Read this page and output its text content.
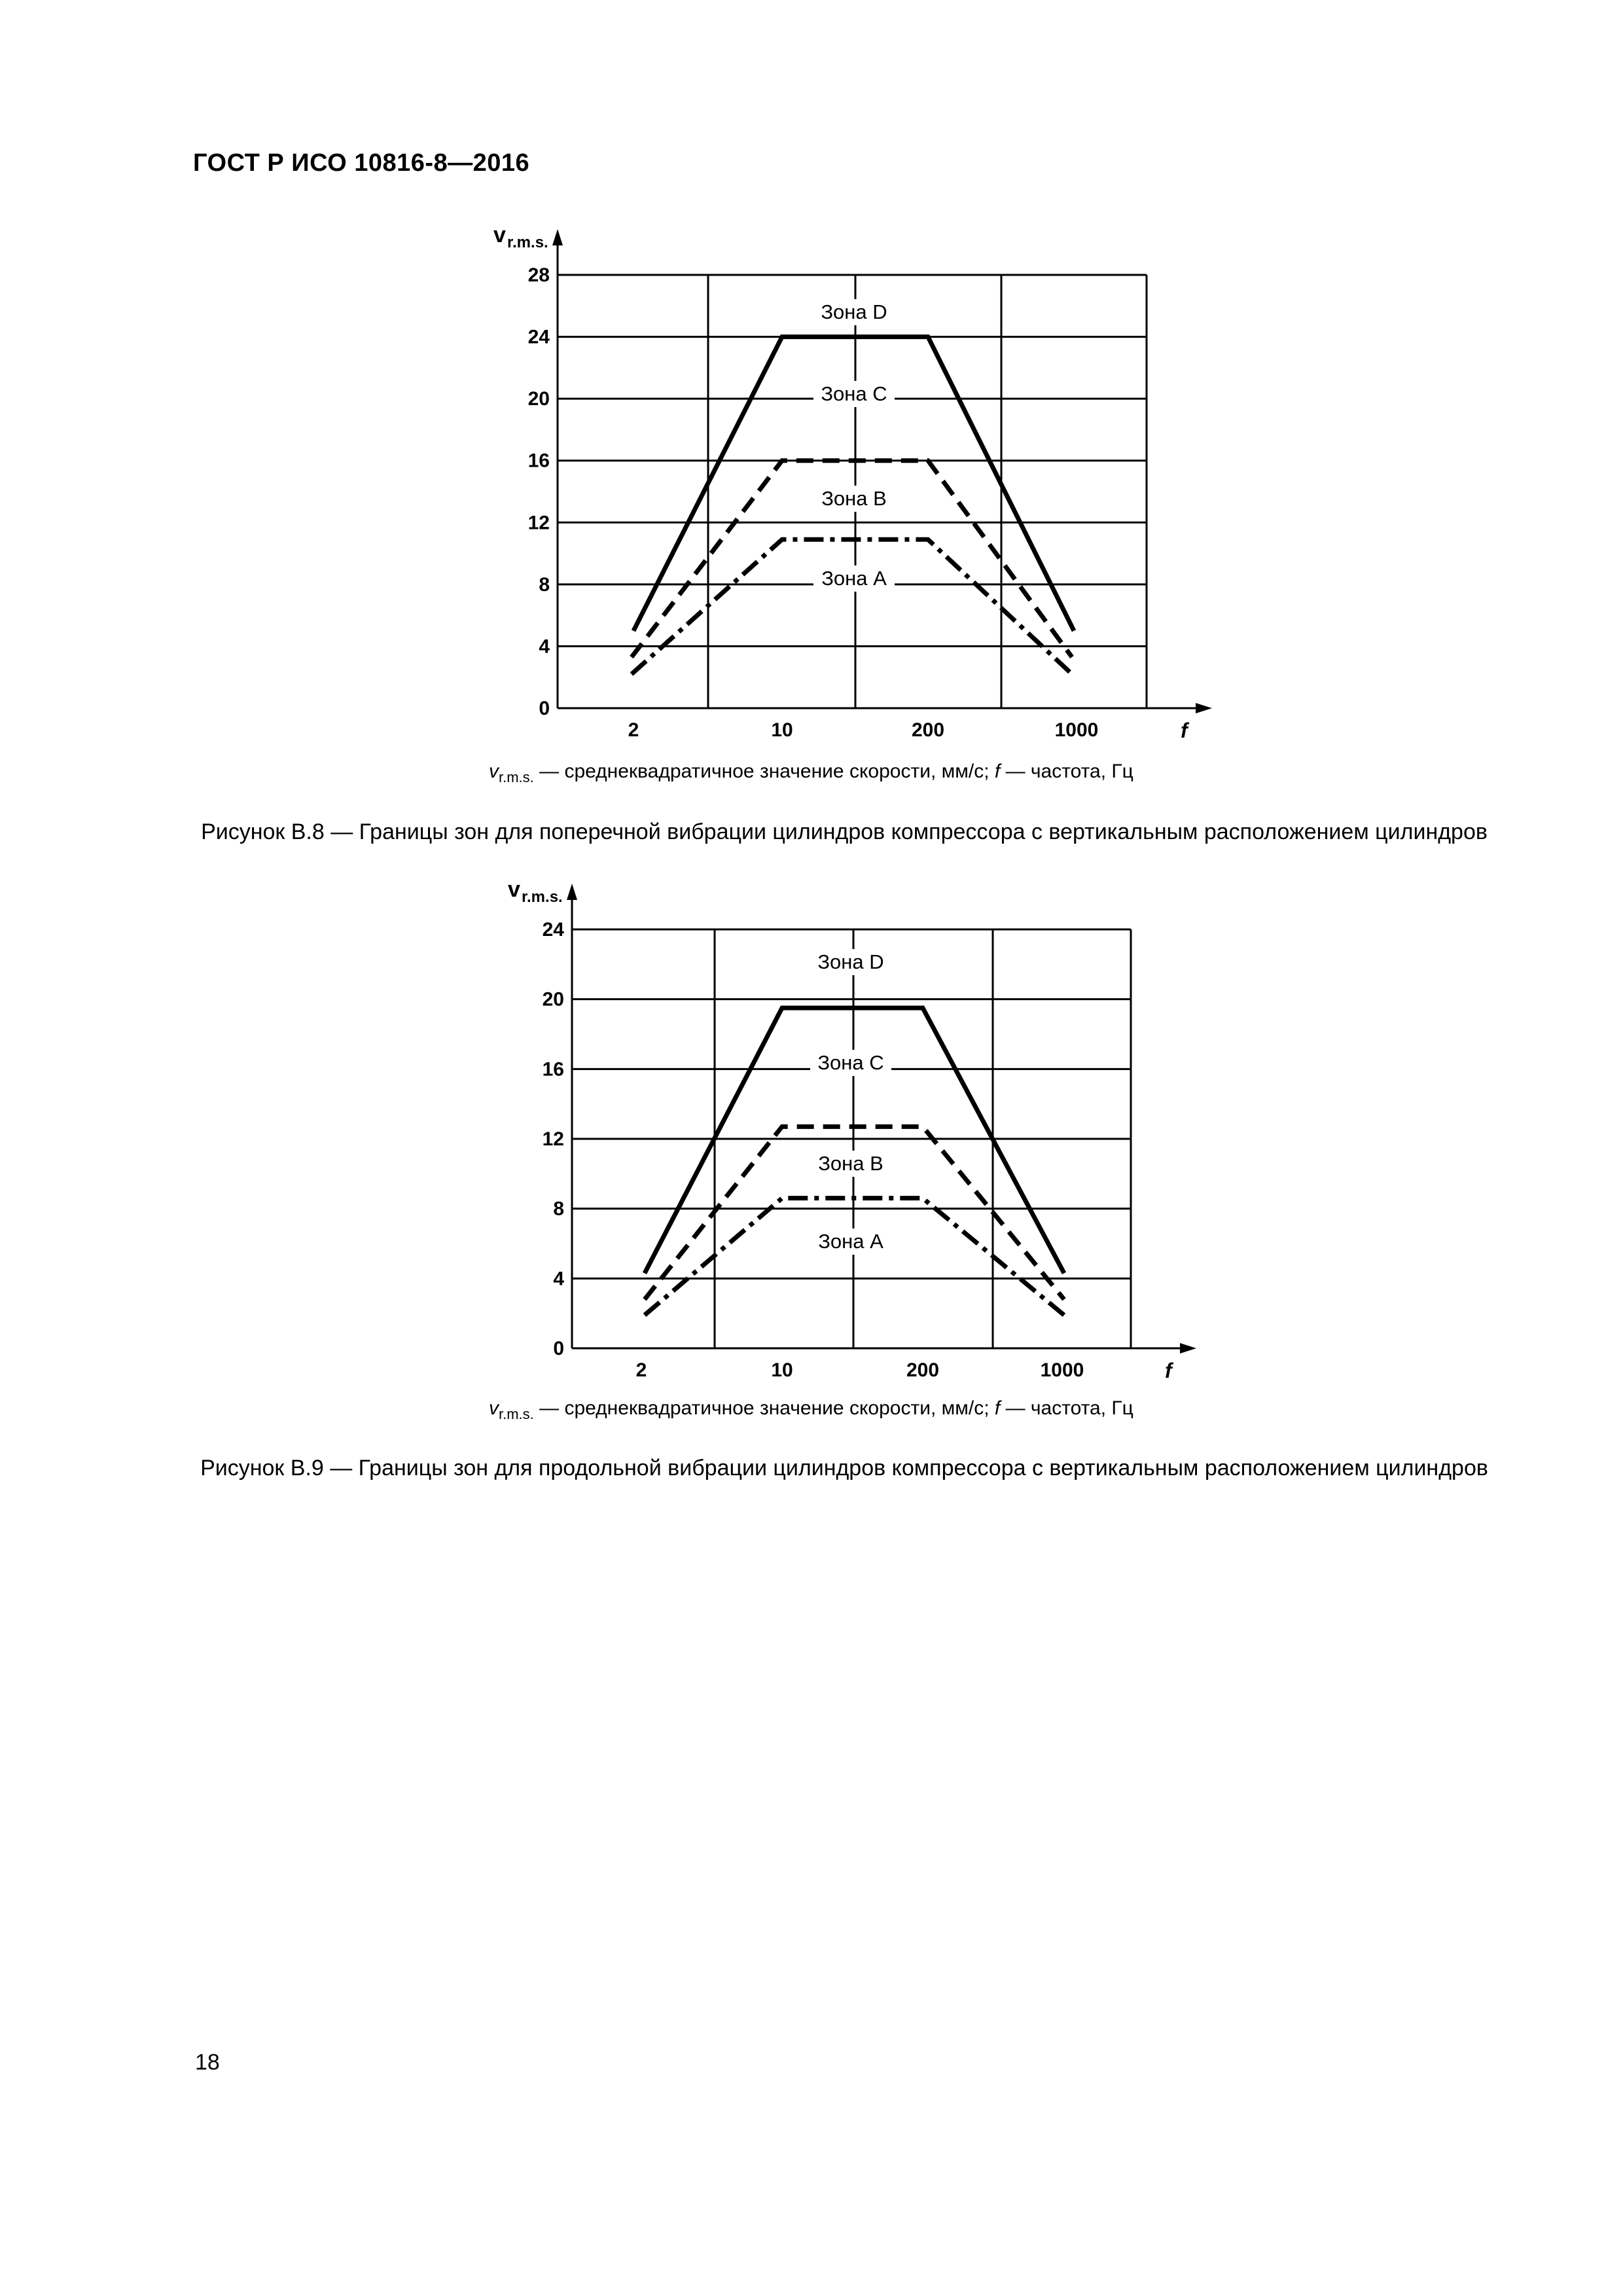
ГОСТ Р ИСО 10816-8—2016
0
4
8
12
16
20
24
28
v r.m.s.
2	10	200	1000	f
Зона D
Зона C
Зона B
Зона A
$v_{r.m.s.}$ — среднеквадратичное значение скорости, мм/с; f — частота, Гц
Рисунок В.8 — Границы зон для поперечной вибрации цилиндров компрессора с вертикальным расположением цилиндров
0
4
8
12
16
20
24
v r.m.s.
2	10	200	1000	f
Зона D
Зона C
Зона B
Зона A
$v_{r.m.s.}$ — среднеквадратичное значение скорости, мм/с; f — частота, Гц
Рисунок В.9 — Границы зон для продольной вибрации цилиндров компрессора с вертикальным расположением цилиндров
18
